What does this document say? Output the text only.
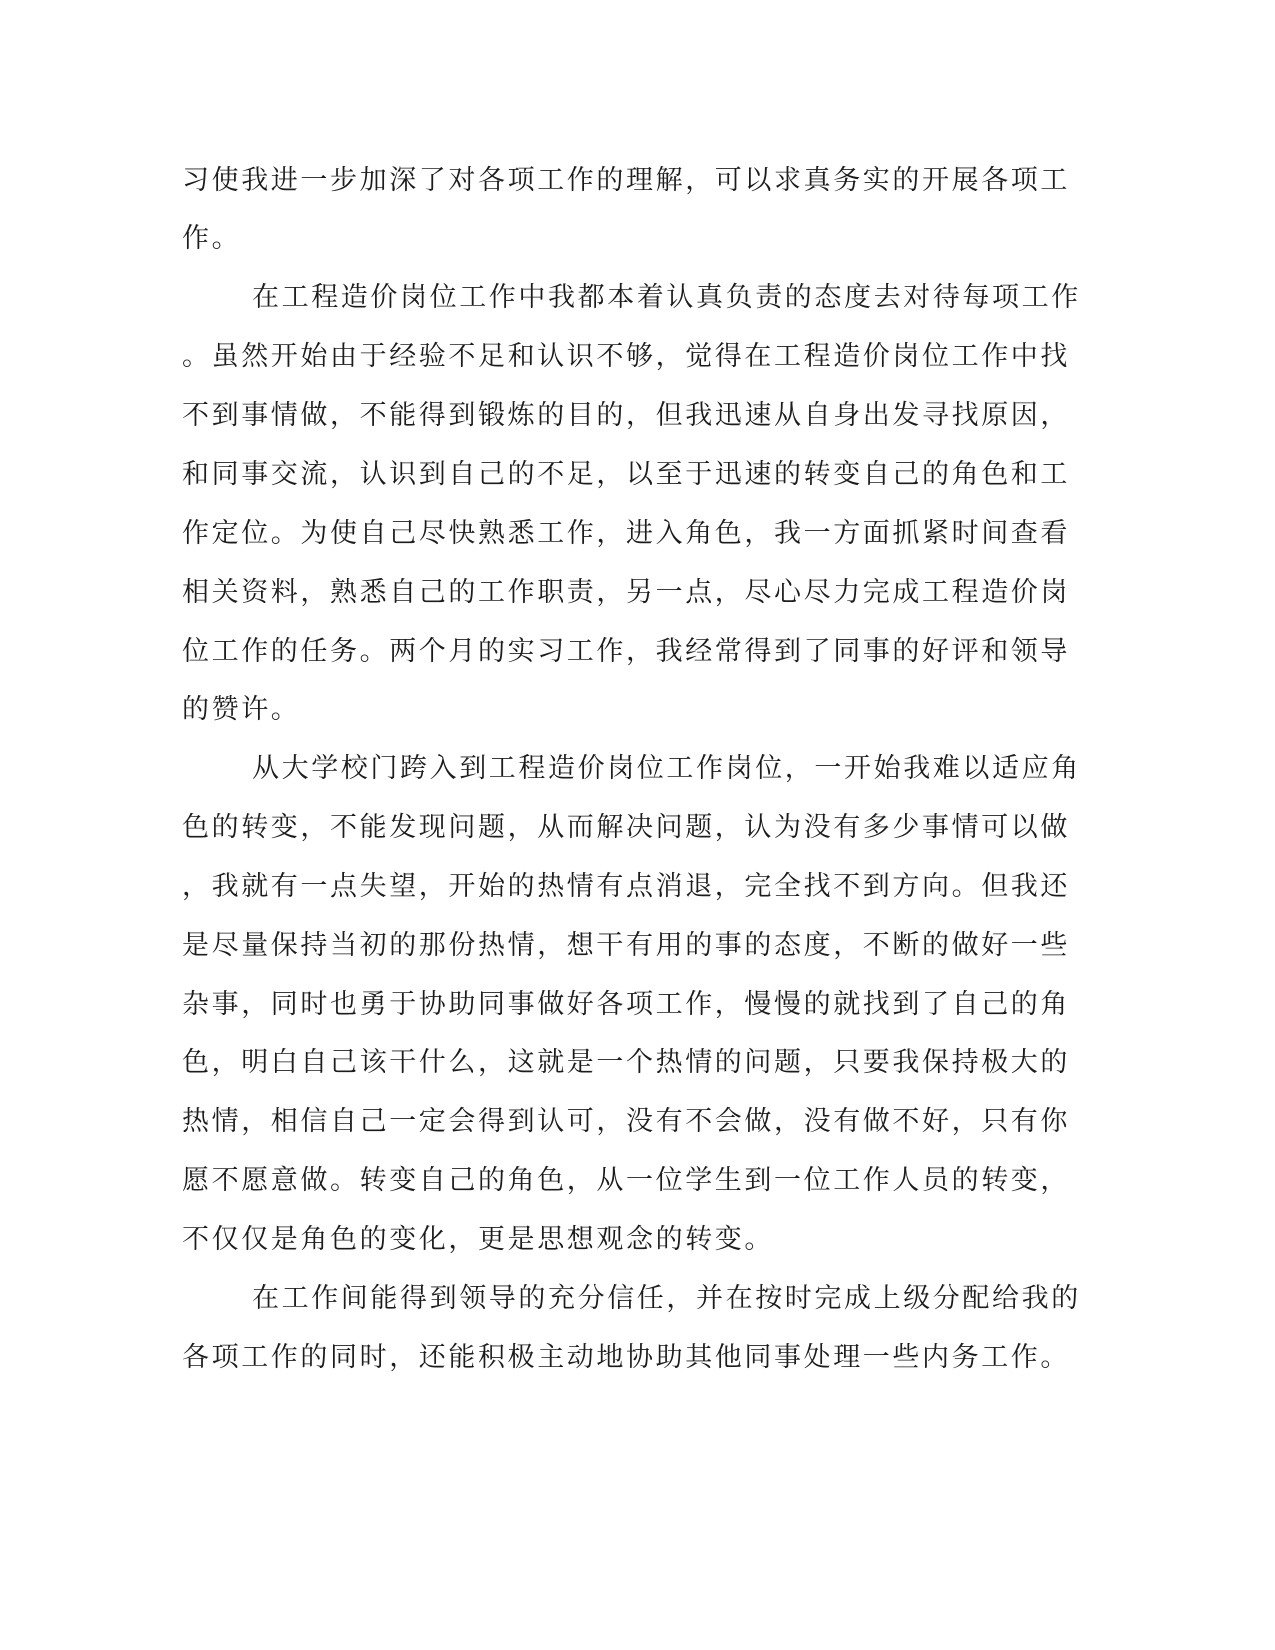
习使我进一步加深了对各项工作的理解，可以求真务实的开展各项工
作。
在工程造价岗位工作中我都本着认真负责的态度去对待每项工作
。虽然开始由于经验不足和认识不够，觉得在工程造价岗位工作中找
不到事情做，不能得到锻炼的目的，但我迅速从自身出发寻找原因，
和同事交流，认识到自己的不足，以至于迅速的转变自己的角色和工
作定位。为使自己尽快熟悉工作，进入角色，我一方面抓紧时间查看
相关资料，熟悉自己的工作职责，另一点，尽心尽力完成工程造价岗
位工作的任务。两个月的实习工作，我经常得到了同事的好评和领导
的赞许。
从大学校门跨入到工程造价岗位工作岗位，一开始我难以适应角
色的转变，不能发现问题，从而解决问题，认为没有多少事情可以做
，我就有一点失望，开始的热情有点消退，完全找不到方向。但我还
是尽量保持当初的那份热情，想干有用的事的态度，不断的做好一些
杂事，同时也勇于协助同事做好各项工作，慢慢的就找到了自己的角
色，明白自己该干什么，这就是一个热情的问题，只要我保持极大的
热情，相信自己一定会得到认可，没有不会做，没有做不好，只有你
愿不愿意做。转变自己的角色，从一位学生到一位工作人员的转变，
不仅仅是角色的变化，更是思想观念的转变。
在工作间能得到领导的充分信任，并在按时完成上级分配给我的
各项工作的同时，还能积极主动地协助其他同事处理一些内务工作。
